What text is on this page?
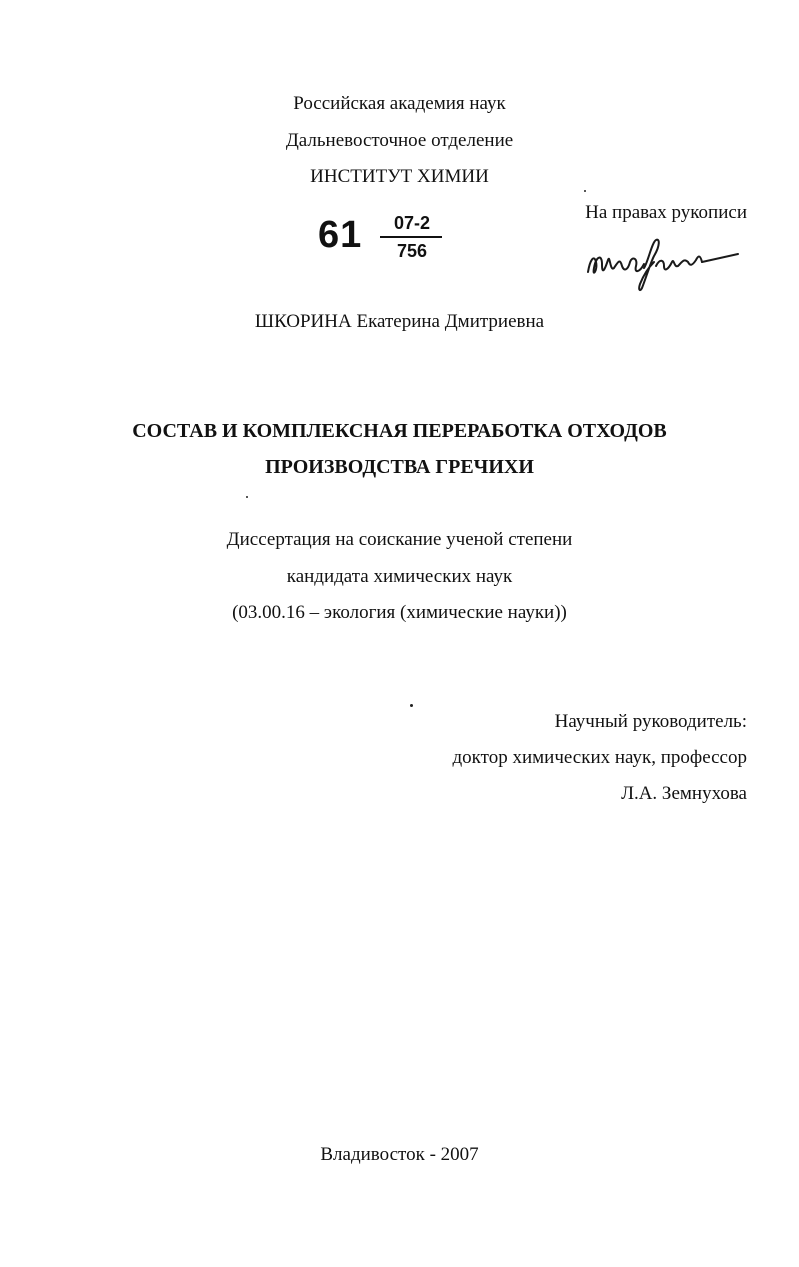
Российская академия наук
Дальневосточное отделение
ИНСТИТУТ ХИМИИ
61	07-2
756
На правах рукописи
ШКОРИНА Екатерина Дмитриевна
СОСТАВ И КОМПЛЕКСНАЯ ПЕРЕРАБОТКА ОТХОДОВ
ПРОИЗВОДСТВА ГРЕЧИХИ
Диссертация на соискание ученой степени
кандидата химических наук
(03.00.16 – экология (химические науки))
Научный руководитель:
доктор химических наук, профессор
Л.А. Земнухова
Владивосток - 2007
